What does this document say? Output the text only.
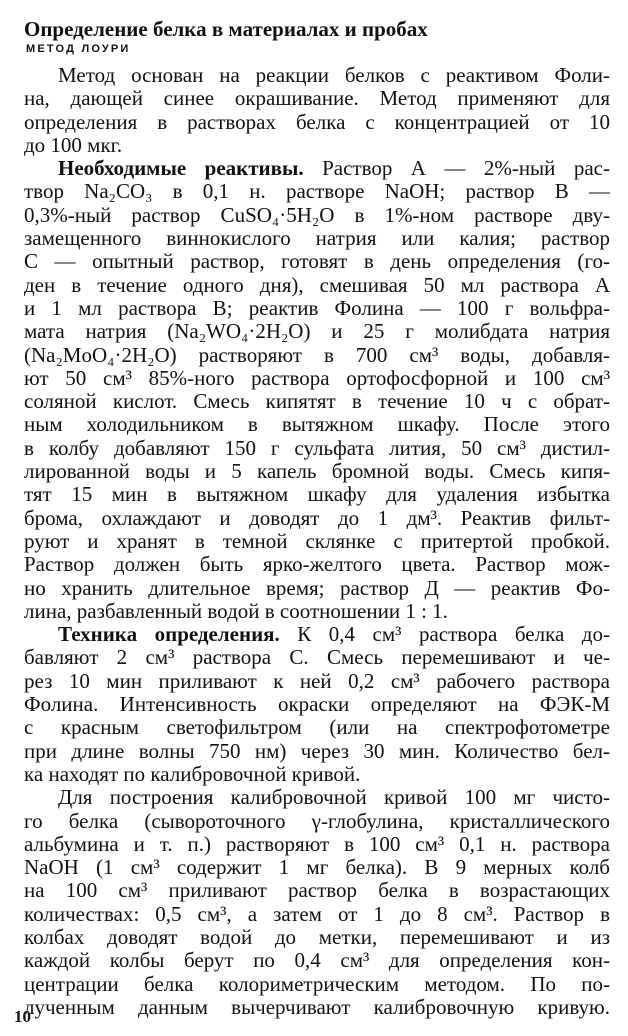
Определение белка в материалах и пробах
МЕТОД ЛОУРИ
Метод основан на реакции белков с реактивом Фоли-
на, дающей синее окрашивание. Метод применяют для
определения в растворах белка с концентрацией от 10
до 100 мкг.
Необходимые реактивы. Раствор А — 2%-ный рас-
твор Na₂CO₃ в 0,1 н. растворе NaOH; раствор В —
0,3%-ный раствор CuSO₄·5H₂O в 1%-ном растворе дву-
замещенного виннокислого натрия или калия; раствор
С — опытный раствор, готовят в день определения (го-
ден в течение одного дня), смешивая 50 мл раствора А
и 1 мл раствора В; реактив Фолина — 100 г вольфра-
мата натрия (Na₂WO₄·2H₂O) и 25 г молибдата натрия
(Na₂MoO₄·2H₂O) растворяют в 700 см³ воды, добавля-
ют 50 см³ 85%-ного раствора ортофосфорной и 100 см³
соляной кислот. Смесь кипятят в течение 10 ч с обрат-
ным холодильником в вытяжном шкафу. После этого
в колбу добавляют 150 г сульфата лития, 50 см³ дистил-
лированной воды и 5 капель бромной воды. Смесь кипя-
тят 15 мин в вытяжном шкафу для удаления избытка
брома, охлаждают и доводят до 1 дм³. Реактив фильт-
руют и хранят в темной склянке с притертой пробкой.
Раствор должен быть ярко-желтого цвета. Раствор мож-
но хранить длительное время; раствор Д — реактив Фо-
лина, разбавленный водой в соотношении 1 : 1.
Техника определения. К 0,4 см³ раствора белка до-
бавляют 2 см³ раствора С. Смесь перемешивают и че-
рез 10 мин приливают к ней 0,2 см³ рабочего раствора
Фолина. Интенсивность окраски определяют на ФЭК-М
с красным светофильтром (или на спектрофотометре
при длине волны 750 нм) через 30 мин. Количество бел-
ка находят по калибровочной кривой.
Для построения калибровочной кривой 100 мг чисто-
го белка (сывороточного γ-глобулина, кристаллического
альбумина и т. п.) растворяют в 100 см³ 0,1 н. раствора
NaOH (1 см³ содержит 1 мг белка). В 9 мерных колб
на 100 см³ приливают раствор белка в возрастающих
количествах: 0,5 см³, а затем от 1 до 8 см³. Раствор в
колбах доводят водой до метки, перемешивают и из
каждой колбы берут по 0,4 см³ для определения кон-
центрации белка колориметрическим методом. По по-
лученным данным вычерчивают калибровочную кривую.
10
